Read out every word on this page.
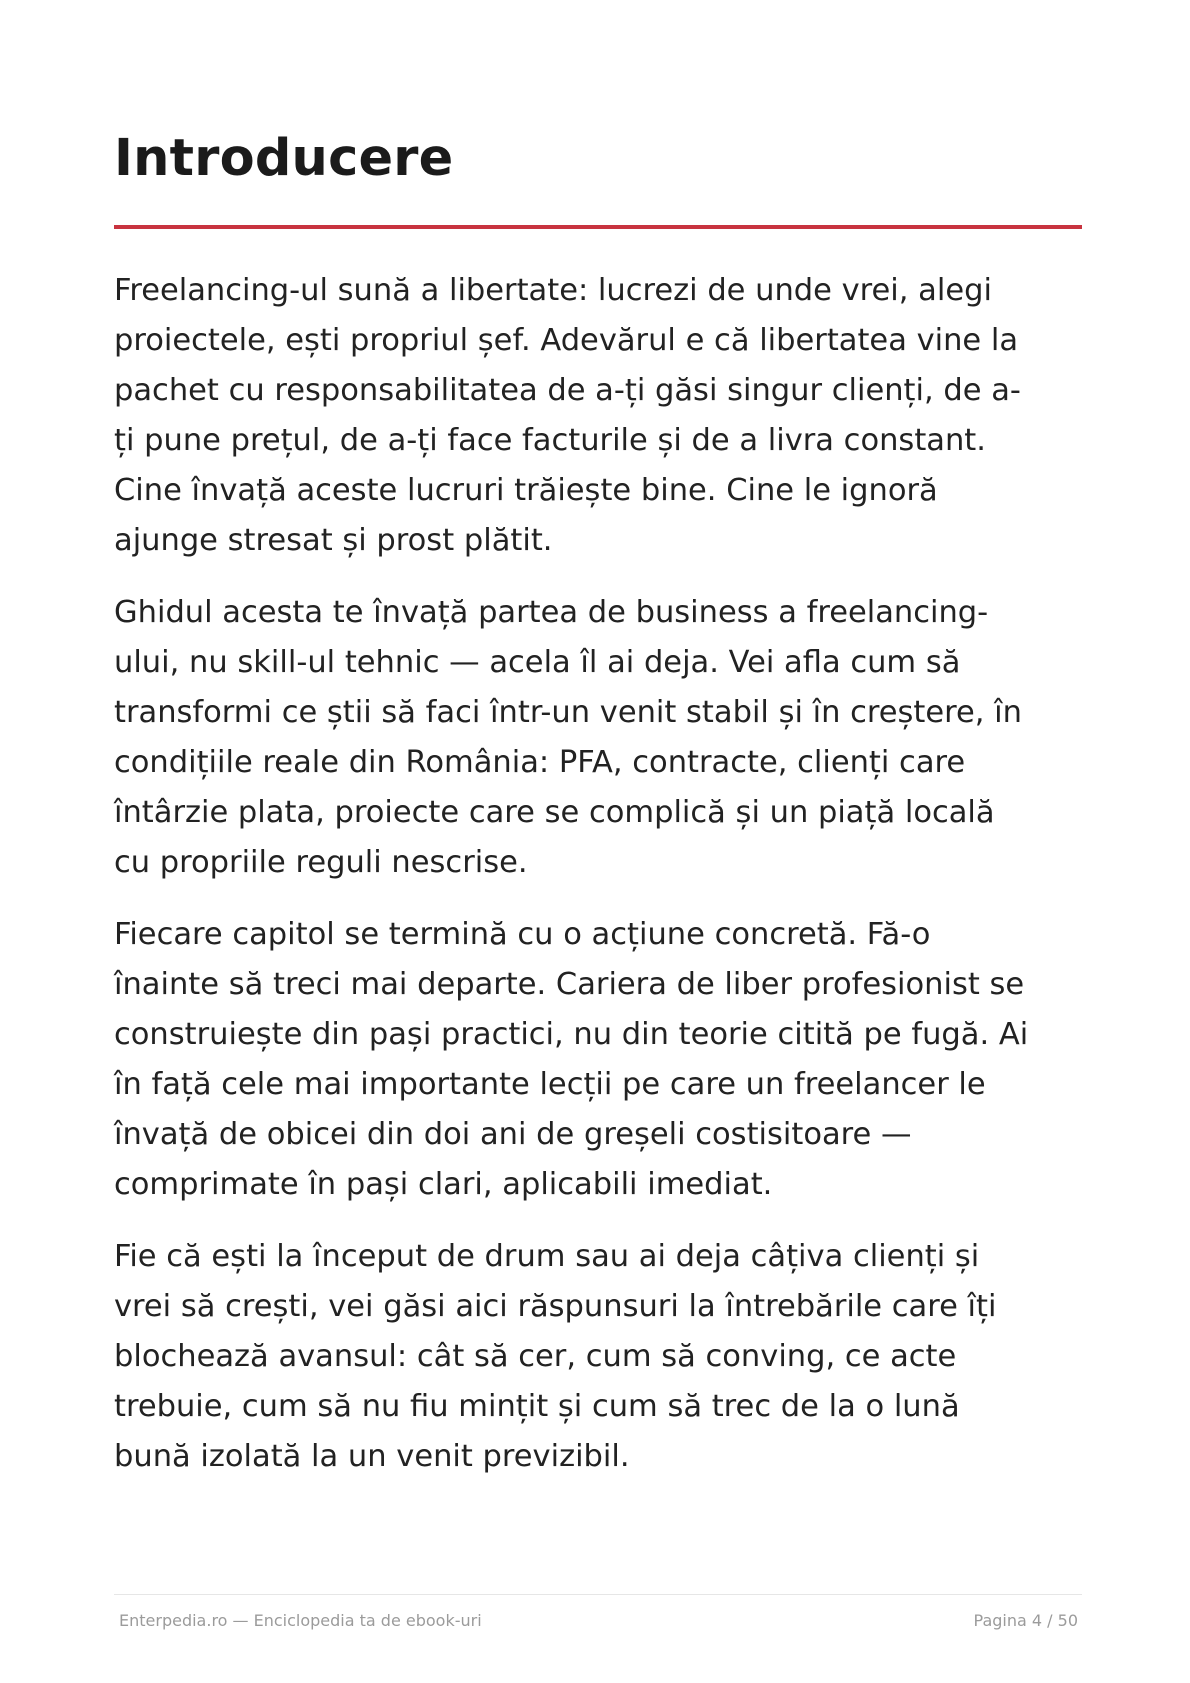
Introducere

Freelancing-ul sună a libertate: lucrezi de unde vrei, alegi
proiectele, ești propriul șef. Adevărul e că libertatea vine la
pachet cu responsabilitatea de a-ți găsi singur clienți, de a-
ți pune prețul, de a-ți face facturile și de a livra constant.
Cine învață aceste lucruri trăiește bine. Cine le ignoră
ajunge stresat și prost plătit.

Ghidul acesta te învață partea de business a freelancing-
ului, nu skill-ul tehnic — acela îl ai deja. Vei afla cum să
transformi ce știi să faci într-un venit stabil și în creștere, în
condițiile reale din România: PFA, contracte, clienți care
întârzie plata, proiecte care se complică și un piață locală
cu propriile reguli nescrise.

Fiecare capitol se termină cu o acțiune concretă. Fă-o
înainte să treci mai departe. Cariera de liber profesionist se
construiește din pași practici, nu din teorie citită pe fugă. Ai
în față cele mai importante lecții pe care un freelancer le
învață de obicei din doi ani de greșeli costisitoare —
comprimate în pași clari, aplicabili imediat.

Fie că ești la început de drum sau ai deja câțiva clienți și
vrei să crești, vei găsi aici răspunsuri la întrebările care îți
blochează avansul: cât să cer, cum să conving, ce acte
trebuie, cum să nu fiu mințit și cum să trec de la o lună
bună izolată la un venit previzibil.

Enterpedia.ro — Enciclopedia ta de ebook-uri	Pagina 4 / 50
